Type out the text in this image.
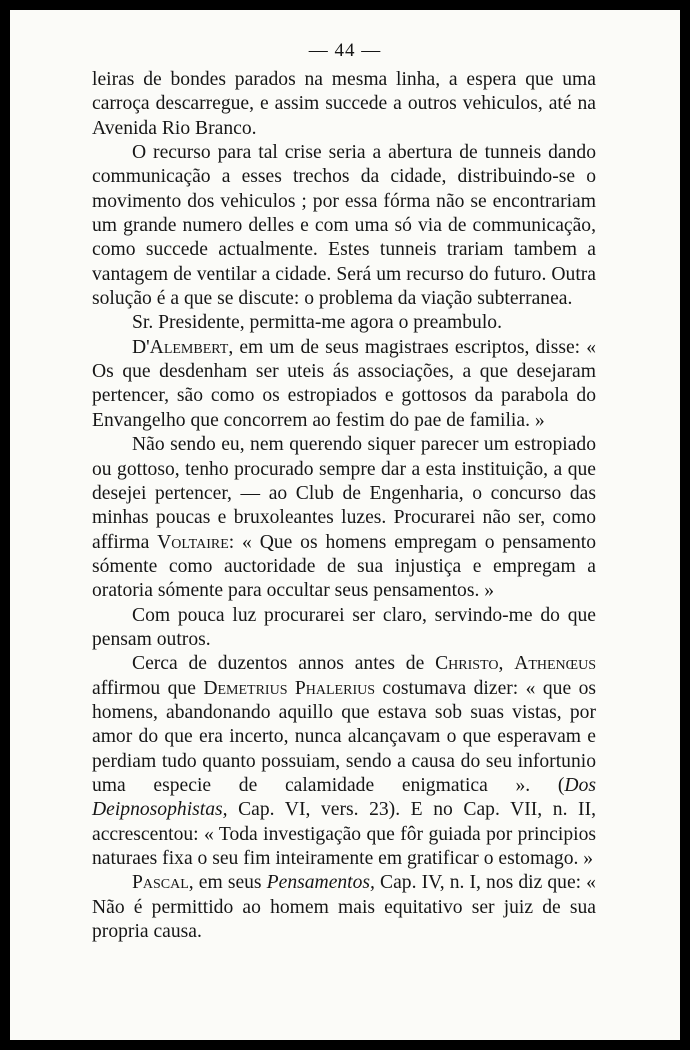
— 44 —

leiras de bondes parados na mesma linha, a espera que uma carroça descarregue, e assim succede a outros vehiculos, até na Avenida Rio Branco.

O recurso para tal crise seria a abertura de tunneis dando communicação a esses trechos da cidade, distribuindo-se o movimento dos vehiculos ; por essa fórma não se encontrariam um grande numero delles e com uma só via de communicação, como succede actualmente. Estes tunneis trariam tambem a vantagem de ventilar a cidade. Será um recurso do futuro. Outra solução é a que se discute: o problema da viação subterranea.

Sr. Presidente, permitta-me agora o preambulo.

D'Alembert, em um de seus magistraes escriptos, disse: « Os que desdenham ser uteis ás associações, a que desejaram pertencer, são como os estropiados e gottosos da parabola do Envangelho que concorrem ao festim do pae de familia. »

Não sendo eu, nem querendo siquer parecer um estropiado ou gottoso, tenho procurado sempre dar a esta instituição, a que desejei pertencer, — ao Club de Engenharia, o concurso das minhas poucas e bruxoleantes luzes. Procurarei não ser, como affirma Voltaire: « Que os homens empregam o pensamento sómente como auctoridade de sua injustiça e empregam a oratoria sómente para occultar seus pensamentos. »

Com pouca luz procurarei ser claro, servindo-me do que pensam outros.

Cerca de duzentos annos antes de Christo, Athenœus affirmou que Demetrius Phalerius costumava dizer: « que os homens, abandonando aquillo que estava sob suas vistas, por amor do que era incerto, nunca alcançavam o que esperavam e perdiam tudo quanto possuiam, sendo a causa do seu infortunio uma especie de calamidade enigmatica ». (Dos Deipnosophistas, Cap. VI, vers. 23). E no Cap. VII, n. II, accrescentou: « Toda investigação que fôr guiada por principios naturaes fixa o seu fim inteiramente em gratificar o estomago. »

Pascal, em seus Pensamentos, Cap. IV, n. I, nos diz que: « Não é permittido ao homem mais equitativo ser juiz de sua propria causa.
